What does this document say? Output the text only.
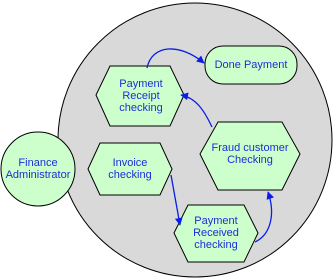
Finance
Administrator
Payment
Receipt
checking
Done Payment
Invoice
checking
Fraud customer
Checking
Payment
Received
checking
